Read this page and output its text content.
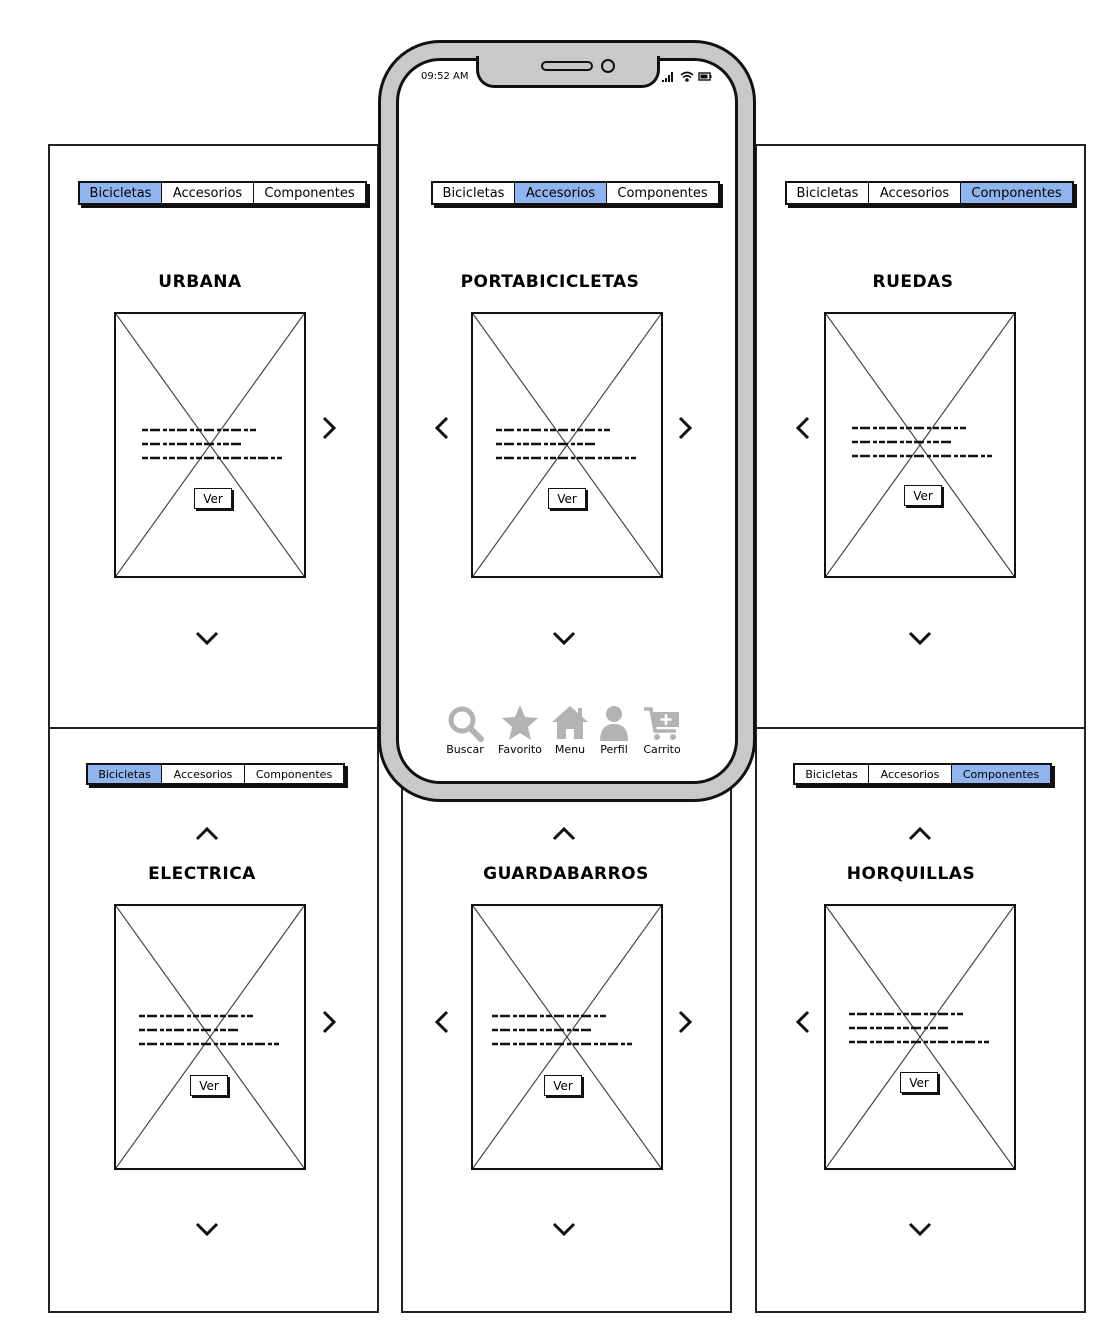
Bicicletas	Accesorios	Componentes
URBANA
Ver
Bicicletas	Accesorios	Componentes
RUEDAS
Ver
Bicicletas	Accesorios	Componentes
ELECTRICA
Ver
GUARDABARROS
Ver
Bicicletas	Accesorios	Componentes
HORQUILLAS
Ver
09:52 AM
Bicicletas	Accesorios	Componentes
PORTABICICLETAS
Ver
Buscar	Favorito	Menu	Perfil	Carrito
